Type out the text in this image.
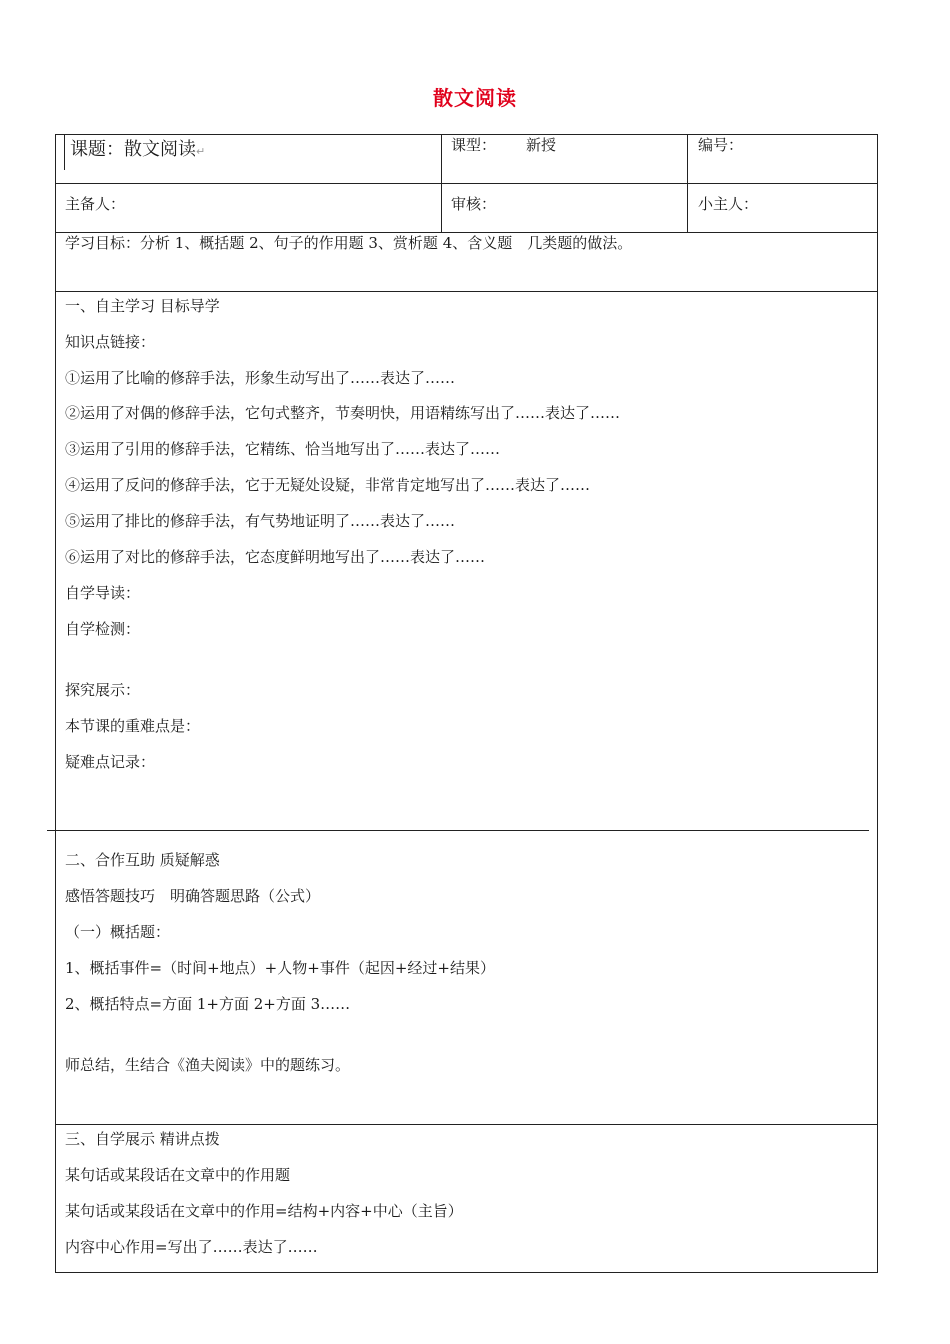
散文阅读
课题：散文阅读↵	课型： 新授	编号：
主备人：	审核：	小主人：
学习目标：分析 1、概括题 2、句子的作用题 3、赏析题 4、含义题　几类题的做法。
一、自主学习 目标导学
知识点链接：
①运用了比喻的修辞手法，形象生动写出了……表达了……
②运用了对偶的修辞手法，它句式整齐，节奏明快，用语精练写出了……表达了……
③运用了引用的修辞手法，它精练、恰当地写出了……表达了……
④运用了反问的修辞手法，它于无疑处设疑，非常肯定地写出了……表达了……
⑤运用了排比的修辞手法，有气势地证明了……表达了……
⑥运用了对比的修辞手法，它态度鲜明地写出了……表达了……
自学导读：
自学检测：
探究展示：
本节课的重难点是：
疑难点记录：
二、合作互助 质疑解惑
感悟答题技巧　明确答题思路（公式）
（一）概括题：
1、概括事件=（时间+地点）+人物+事件（起因+经过+结果）
2、概括特点=方面 1+方面 2+方面 3……
师总结，生结合《渔夫阅读》中的题练习。
三、自学展示 精讲点拨
某句话或某段话在文章中的作用题
某句话或某段话在文章中的作用=结构+内容+中心（主旨）
内容中心作用=写出了……表达了……
